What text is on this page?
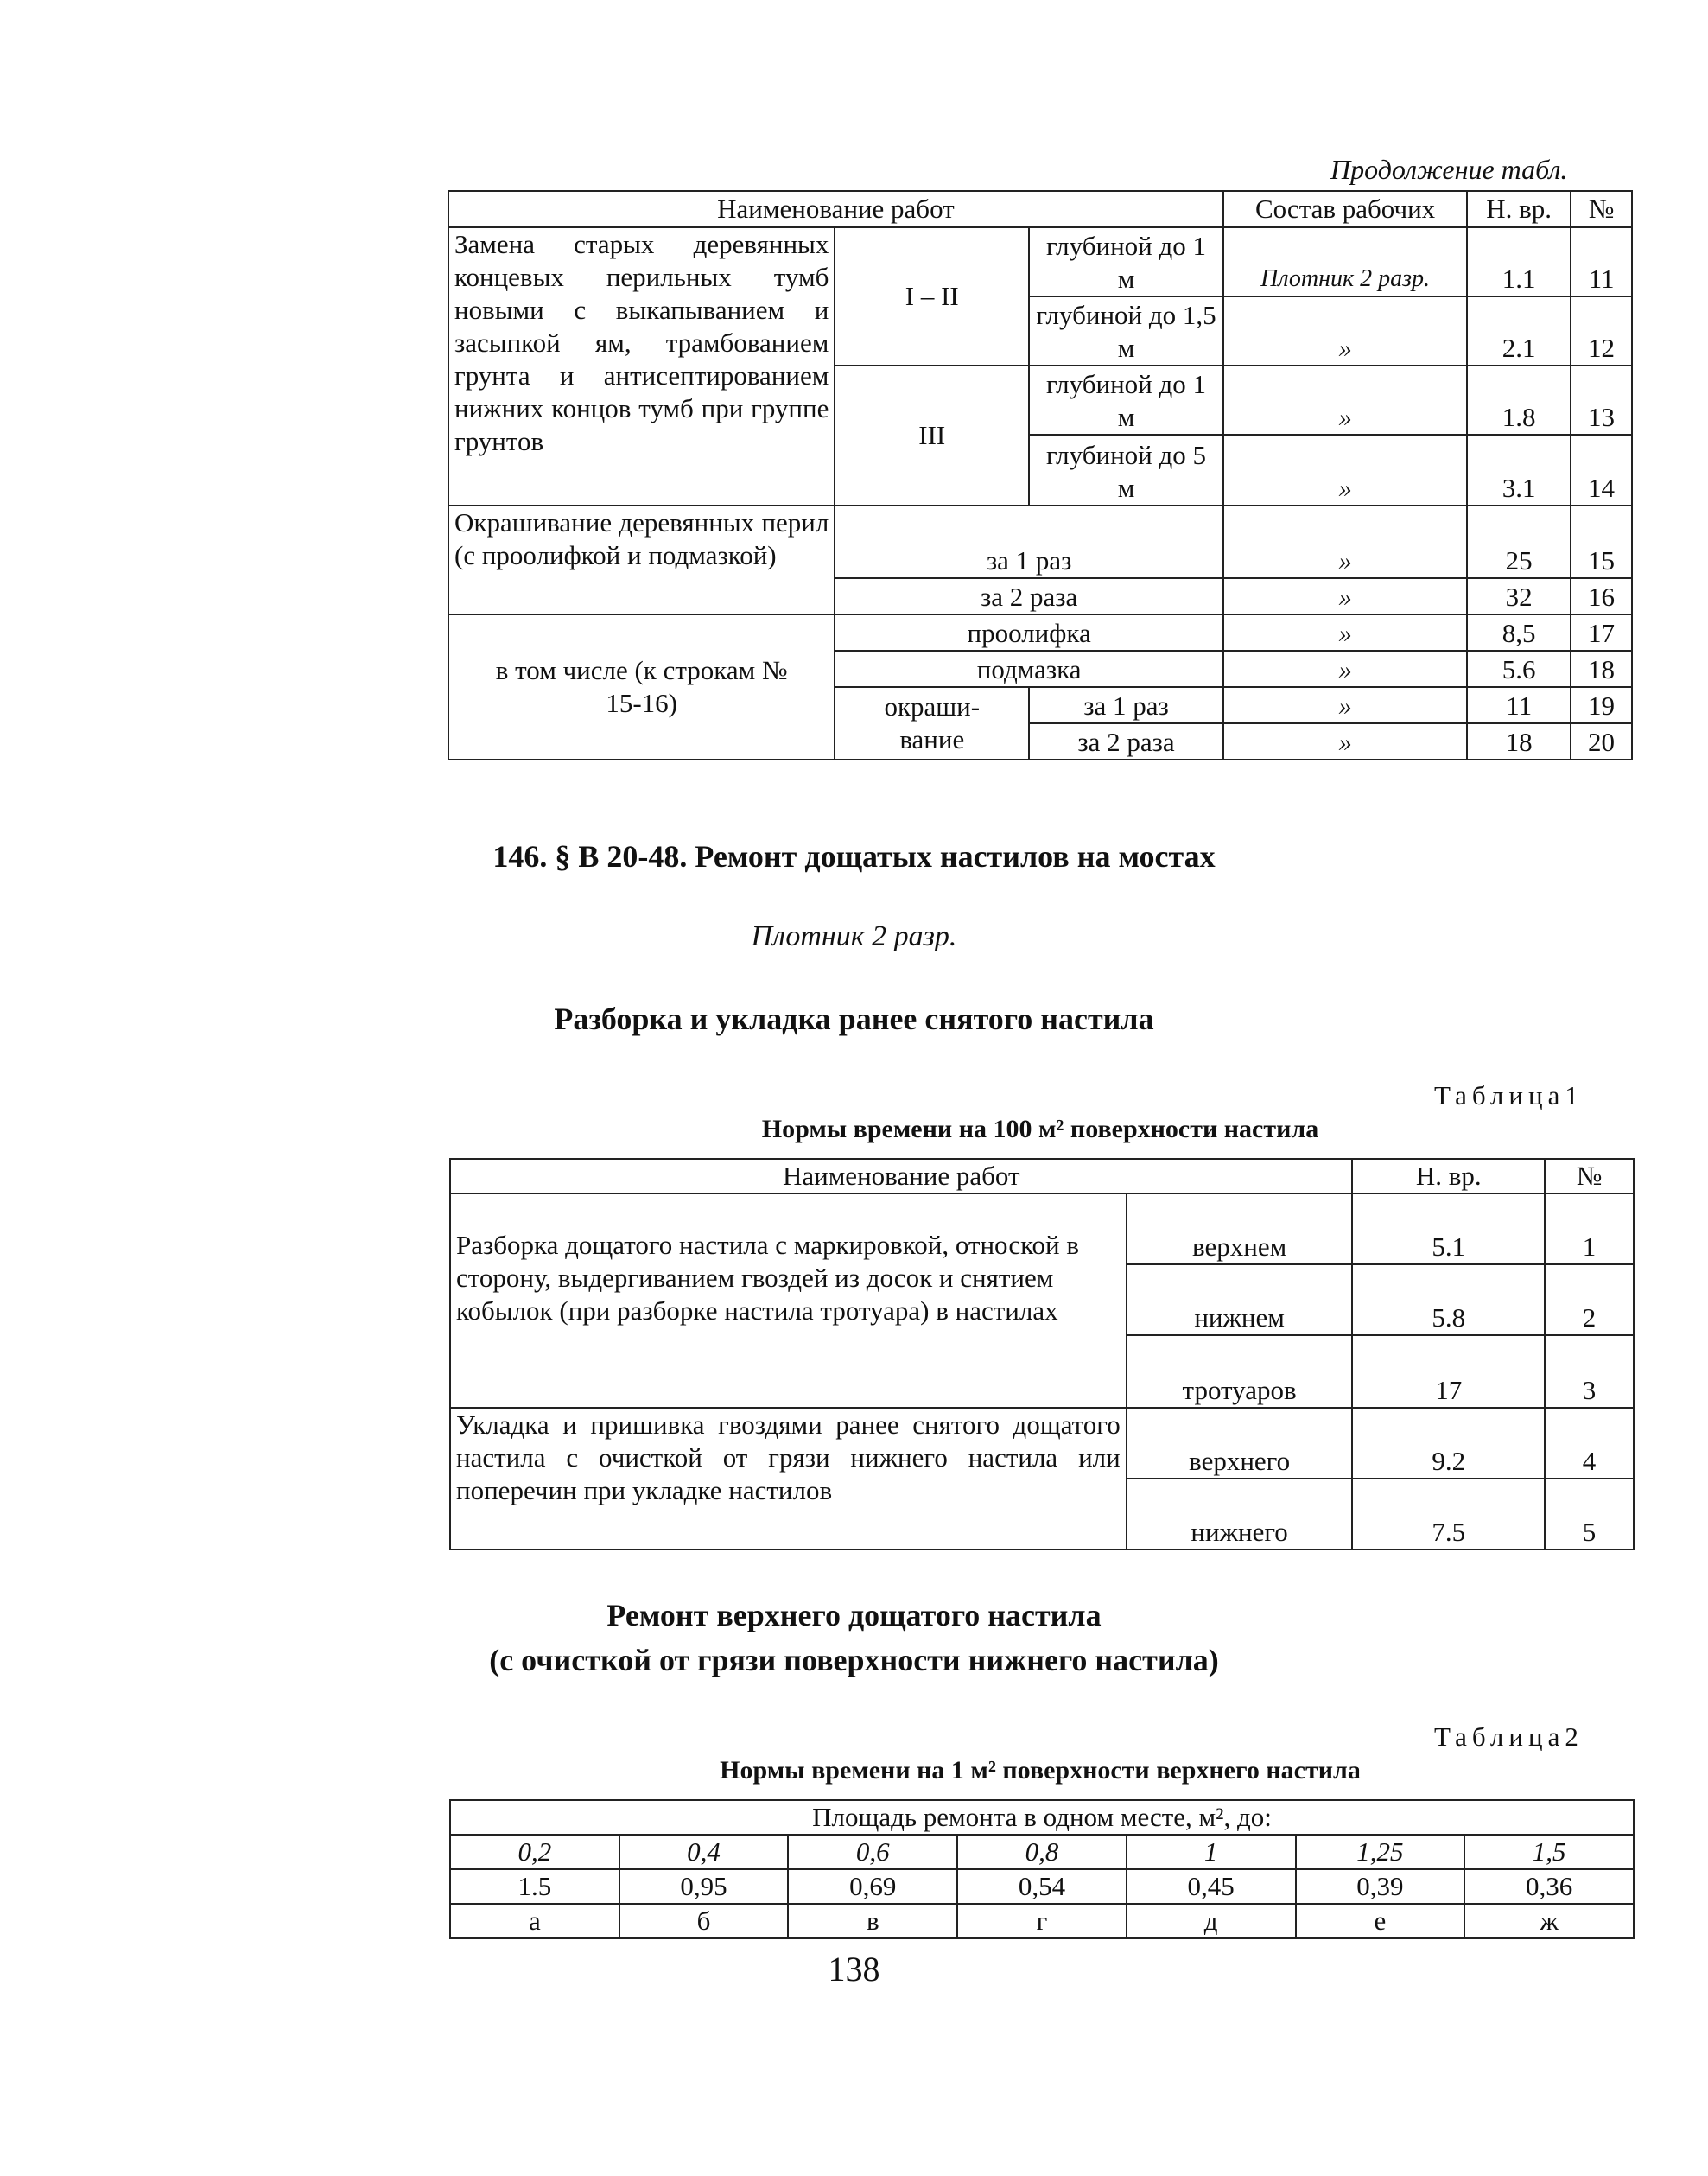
Продолжение табл.
Наименование работ			Состав рабочих	Н. вр.	№
Замена старых деревянных концевых перильных тумб новыми с выкапыванием и засыпкой ям, трамбованием грунта и антисептированием нижних концов тумб при группе грунтов	I – II	глубиной до 1 м	Плотник 2 разр.	1.1	11
		глубиной до 1,5 м	»	2.1	12
	III	глубиной до 1 м	»	1.8	13
		глубиной до 5 м	»	3.1	14
Окрашивание деревянных перил (с проолифкой и подмазкой)	за 1 раз		»	25	15
	за 2 раза		»	32	16
в том числе (к строкам № 15-16)	проолифка		»	8,5	17
	подмазка		»	5.6	18
	окраши-вание	за 1 раз	»	11	19
		за 2 раза	»	18	20
146. § В 20-48. Ремонт дощатых настилов на мостах
Плотник 2 разр.
Разборка и укладка ранее снятого настила
Таблица1
Нормы времени на 100 м² поверхности настила
Наименование работ		Н. вр.	№
Разборка дощатого настила с маркировкой, отноской в сторону, выдергиванием гвоздей из досок и снятием кобылок (при разборке настила тротуара) в настилах	верхнем	5.1	1
	нижнем	5.8	2
	тротуаров	17	3
Укладка и пришивка гвоздями ранее снятого дощатого настила с очисткой от грязи нижнего настила или поперечин при укладке настилов	верхнего	9.2	4
	нижнего	7.5	5
Ремонт верхнего дощатого настила
(с очисткой от грязи поверхности нижнего настила)
Таблица2
Нормы времени на 1 м² поверхности верхнего настила
Площадь ремонта в одном месте, м², до:						
0,2	0,4	0,6	0,8	1	1,25	1,5
1.5	0,95	0,69	0,54	0,45	0,39	0,36
а	б	в	г	д	е	ж
138
